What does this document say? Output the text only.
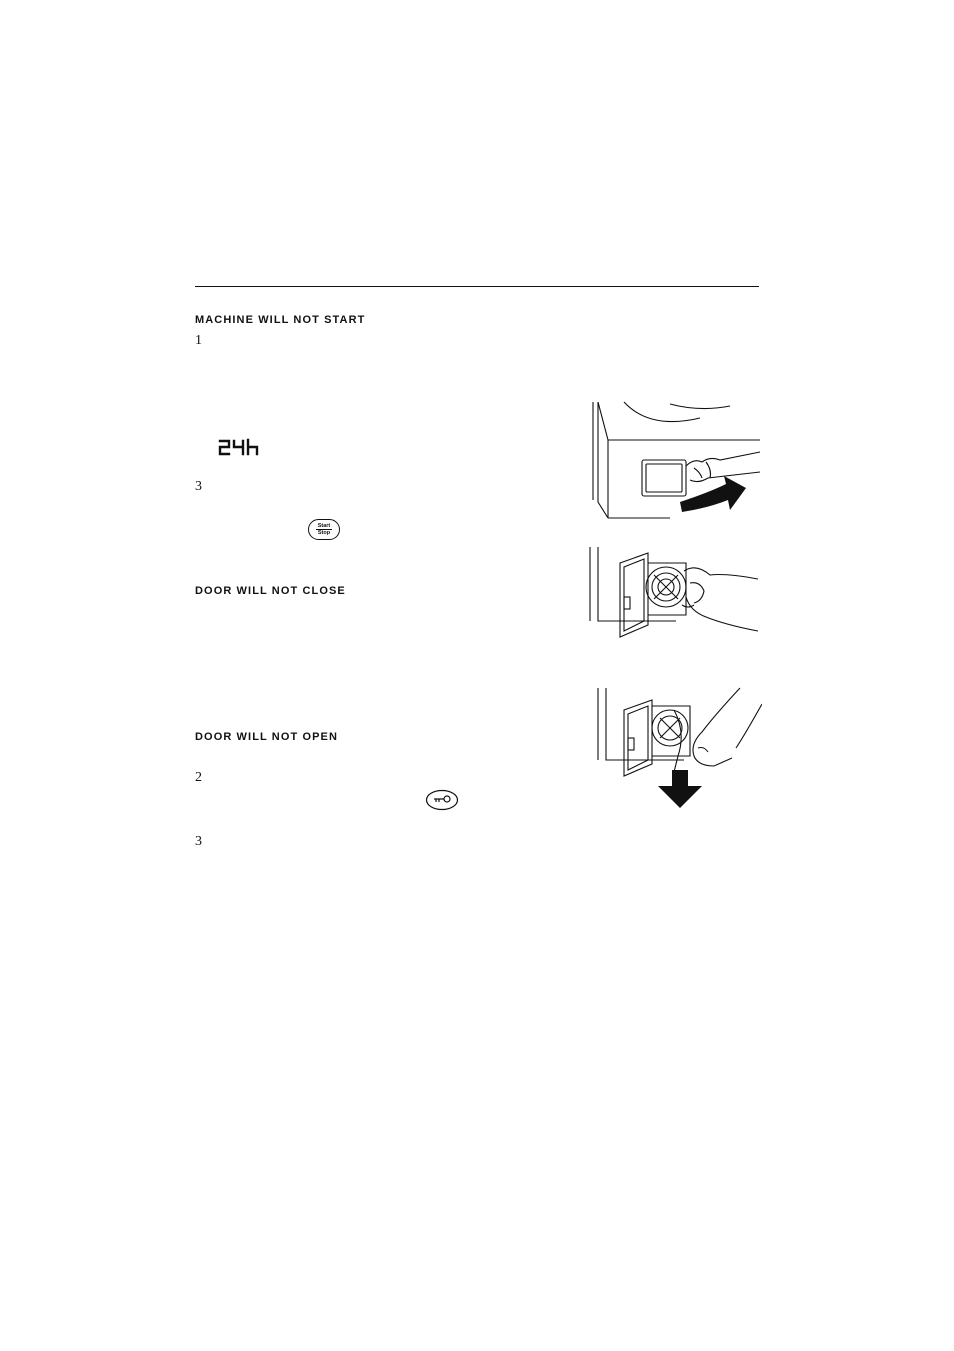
MACHINE WILL NOT START

1

3

Start
Stop

DOOR WILL NOT CLOSE

DOOR WILL NOT OPEN

2

3
